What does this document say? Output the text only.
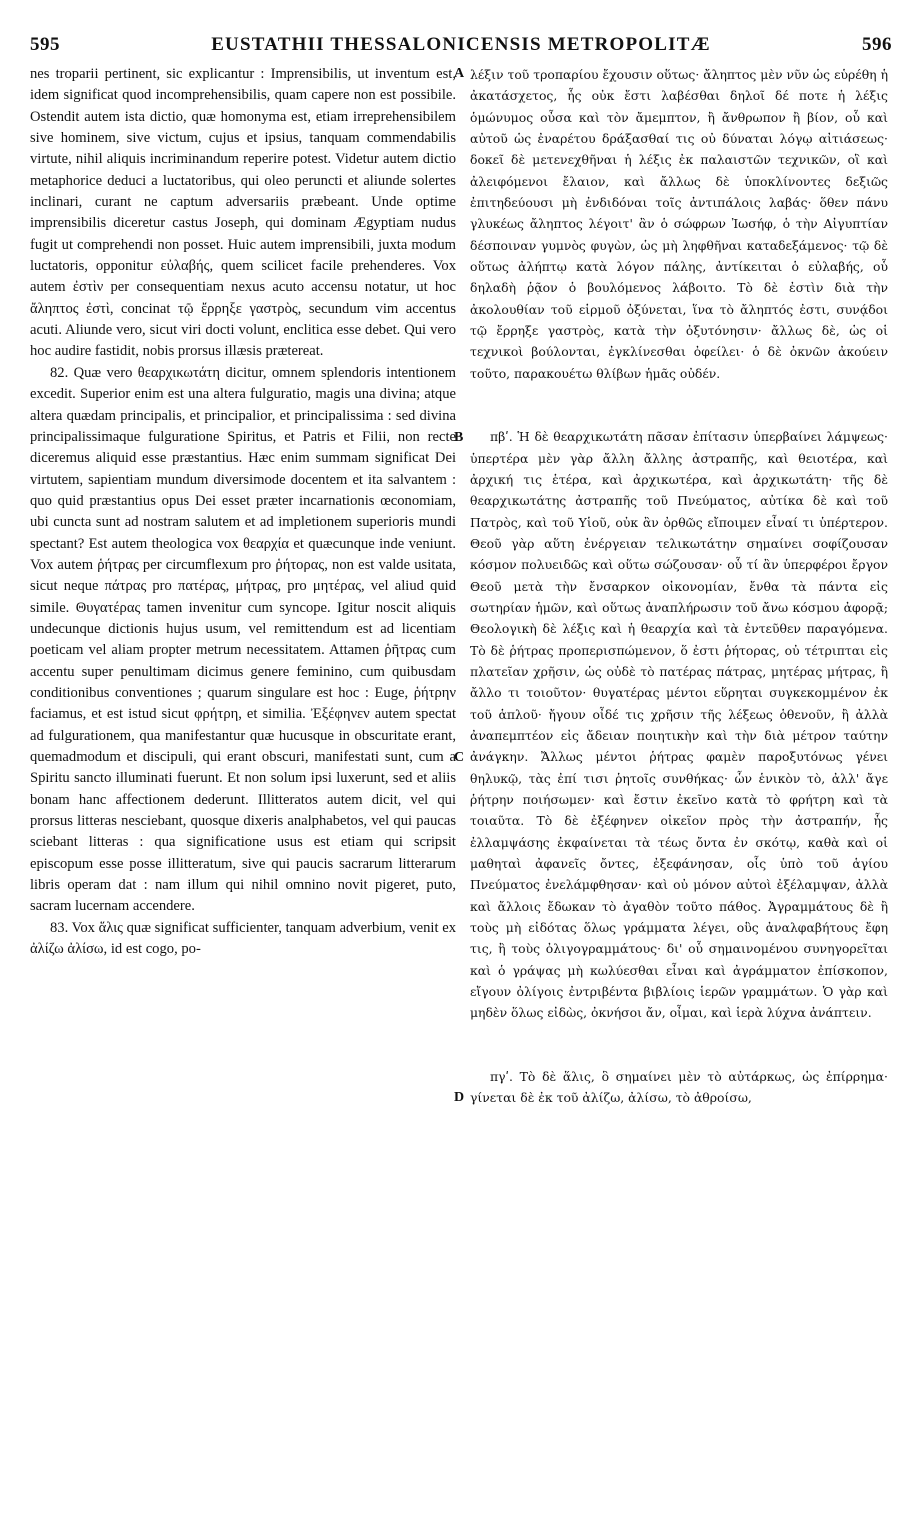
595	EUSTATHII THESSALONICENSIS METROPOLITÆ	596
A
B
C
D

nes troparii pertinent, sic explicantur : Imprensibilis, ut inventum est, idem significat quod incomprehensibilis, quam capere non est possibile. Ostendit autem ista dictio, quæ homonyma est, etiam irreprehensibilem sive hominem, sive victum, cujus et ipsius, tanquam commendabilis virtute, nihil aliquis incriminandum reperire potest. Videtur autem dictio metaphorice deduci a luctatoribus, qui oleo peruncti et aliunde solertes inclinari, curant ne captum adversariis præbeant. Unde optime imprensibilis diceretur castus Joseph, qui dominam Ægyptiam nudus fugit ut comprehendi non posset. Huic autem imprensibili, juxta modum luctatoris, opponitur εὐλαβής, quem scilicet facile prehenderes. Vox autem ἐστὶν per consequentiam nexus acuto accensu notatur, ut hoc ἄληπτος ἐστὶ, concinat τῷ ἔρρηξε γαστρὸς, secundum vim accentus acuti. Aliunde vero, sicut viri docti volunt, enclitica esse debet. Qui vero hoc audire fastidit, nobis prorsus illæsis prætereat.

82. Quæ vero θεαρχικωτάτη dicitur, omnem splendoris intentionem excedit. Superior enim est una altera fulguratio, magis una divina; atque altera quædam principalis, et principalior, et principalissima : sed divina principalissimaque fulgurationе Spiritus, et Patris et Filii, non recte diceremus aliquid esse præstantius. Hæc enim summam significat Dei virtutem, sapientiam mundum diversimode docentem et ita salvantem : quo quid præstantius opus Dei esset præter incarnationis œconomiam, ubi cuncta sunt ad nostram salutem et ad impletionem superioris mundi spectant? Est autem theologica vox θεαρχία et quæcunque inde veniunt. Vox autem ῥήτρας per circumflexum pro ῥήτορας, non est valde usitata, sicut neque πάτρας pro πατέρας, μήτρας, pro μητέρας, vel aliud quid simile. Θυγατέρας tamen invenitur cum syncope. Igitur noscit aliquis undecunque dictionis hujus usum, vel remittendum est ad licentiam poeticam vel aliam propter metrum necessitatem. Attamen ῥῆτρας cum accentu super penultimam dicimus genere feminino, cum quibusdam conditionibus conventiones ; quarum singulare est hoc : Euge, ῥήτρην faciamus, et est istud sicut φρήτρη, et similia. Ἐξέφηνεν autem spectat ad fulgurationem, qua manifestantur quæ hucusque in obscuritate erant, quemadmodum et discipuli, qui erant obscuri, manifestati sunt, cum a Spiritu sancto illuminati fuerunt. Et non solum ipsi luxerunt, sed et aliis bonam hanc affectionem dederunt. Illitteratos autem dicit, vel qui prorsus litteras nesciebant, quosque dixeris analphabetos, vel qui paucas sciebant litteras : qua significatione usus est etiam qui scripsit episcopum esse posse illitteratum, sive qui paucis sacrarum litterarum libris operam dat : nam illum qui nihil omnino novit pigeret, puto, sacram lucernam accendere.

83. Vox ἅλις quæ significat sufficienter, tanquam adverbium, venit ex ἀλίζω ἀλίσω, id est cogo, po-

λέξιν τοῦ τροπαρίου ἔχουσιν οὕτως· ἄληπτος μὲν νῦν ὡς εὑρέθη ἡ ἀκατάσχετος, ἧς οὐκ ἔστι λαβέσθαι δηλοῖ δέ ποτε ἡ λέξις ὁμώνυμος οὖσα καὶ τὸν ἄμεμπτον, ἢ ἄνθρωπον ἢ βίον, οὗ καὶ αὐτοῦ ὡς ἐναρέτου δράξασθαί τις οὐ δύναται λόγῳ αἰτιάσεως· δοκεῖ δὲ μετενεχθῆναι ἡ λέξις ἐκ παλαιστῶν τεχνικῶν, οἳ καὶ ἀλειφόμενοι ἔλαιον, καὶ ἄλλως δὲ ὑποκλίνοντες δεξιῶς ἐπιτηδεύουσι μὴ ἐνδιδόναι τοῖς ἀντιπάλοις λαβάς· ὅθεν πάνυ γλυκέως ἄληπτος λέγοιτ' ἂν ὁ σώφρων Ἰωσήφ, ὁ τὴν Αἰγυπτίαν δέσποιναν γυμνὸς φυγὼν, ὡς μὴ ληφθῆναι καταδεξάμενος· τῷ δὲ οὕτως ἀλήπτῳ κατὰ λόγον πάλης, ἀντίκειται ὁ εὐλαβής, οὗ δηλαδὴ ῥᾷον ὁ βουλόμενος λάβοιτο. Τὸ δὲ ἐστὶν διὰ τὴν ἀκολουθίαν τοῦ εἱρμοῦ ὀξύνεται, ἵνα τὸ ἄληπτός ἐστι, συνᾴδοι τῷ ἔρρηξε γαστρὸς, κατὰ τὴν ὀξυτόνησιν· ἄλλως δὲ, ὡς οἱ τεχνικοὶ βούλονται, ἐγκλίνεσθαι ὀφείλει· ὁ δὲ ὀκνῶν ἀκούειν τοῦτο, παρακουέτω θλίβων ἡμᾶς οὐδέν.

πβʹ. Ἡ δὲ θεαρχικωτάτη πᾶσαν ἐπίτασιν ὑπερβαίνει λάμψεως· ὑπερτέρα μὲν γὰρ ἄλλη ἄλλης ἀστραπῆς, καὶ θειοτέρα, καὶ ἀρχική τις ἑτέρα, καὶ ἀρχικωτέρα, καὶ ἀρχικωτάτη· τῆς δὲ θεαρχικωτάτης ἀστραπῆς τοῦ Πνεύματος, αὐτίκα δὲ καὶ τοῦ Πατρὸς, καὶ τοῦ Υἱοῦ, οὐκ ἂν ὀρθῶς εἴποιμεν εἶναί τι ὑπέρτερον. Θεοῦ γὰρ αὕτη ἐνέργειαν τελικωτάτην σημαίνει σοφίζουσαν κόσμον πολυειδῶς καὶ οὕτω σώζουσαν· οὗ τί ἂν ὑπερφέροι ἔργον Θεοῦ μετὰ τὴν ἔνσαρκον οἰκονομίαν, ἔνθα τὰ πάντα εἰς σωτηρίαν ἡμῶν, καὶ οὕτως ἀναπλήρωσιν τοῦ ἄνω κόσμου ἀφορᾷ; Θεολογικὴ δὲ λέξις καὶ ἡ θεαρχία καὶ τὰ ἐντεῦθεν παραγόμενα. Τὸ δὲ ῥήτρας προπερισπώμενον, ὅ ἐστι ῥήτορας, οὐ τέτριπται εἰς πλατεῖαν χρῆσιν, ὡς οὐδὲ τὸ πατέρας πάτρας, μητέρας μήτρας, ἢ ἄλλο τι τοιοῦτον· θυγατέρας μέντοι εὕρηται συγκεκομμένον ἐκ τοῦ ἁπλοῦ· ἤγουν οἶδέ τις χρῆσιν τῆς λέξεως ὁθενοῦν, ἢ ἀλλὰ ἀναπεμπτέον εἰς ἄδειαν ποιητικὴν καὶ τὴν διὰ μέτρον ταύτην ἀνάγκην. Ἄλλως μέντοι ῥήτρας φαμὲν παροξυτόνως γένει θηλυκῷ, τὰς ἐπί τισι ῥητοῖς συνθήκας· ὧν ἑνικὸν τὸ, ἀλλ' ἄγε ῥήτρην ποιήσωμεν· καὶ ἔστιν ἐκεῖνο κατὰ τὸ φρήτρη καὶ τὰ τοιαῦτα. Τὸ δὲ ἐξέφηνεν οἰκεῖον πρὸς τὴν ἀστραπήν, ἧς ἐλλαμψάσης ἐκφαίνεται τὰ τέως ὄντα ἐν σκότῳ, καθὰ καὶ οἱ μαθηταὶ ἀφανεῖς ὄντες, ἐξεφάνησαν, οἷς ὑπὸ τοῦ ἁγίου Πνεύματος ἐνελάμφθησαν· καὶ οὐ μόνον αὐτοὶ ἐξέλαμψαν, ἀλλὰ καὶ ἄλλοις ἔδωκαν τὸ ἀγαθὸν τοῦτο πάθος. Ἀγραμμάτους δὲ ἢ τοὺς μὴ εἰδότας ὅλως γράμματα λέγει, οὓς ἀναλφαβήτους ἔφη τις, ἢ τοὺς ὀλιγογραμμάτους· δι' οὗ σημαινομένου συνηγορεῖται καὶ ὁ γράψας μὴ κωλύεσθαι εἶναι καὶ ἀγράμματον ἐπίσκοπον, εἴγουν ὀλίγοις ἐντριβέντα βιβλίοις ἱερῶν γραμμάτων. Ὁ γὰρ καὶ μηδὲν ὅλως εἰδὼς, ὀκνήσοι ἄν, οἶμαι, καὶ ἱερὰ λύχνα ἀνάπτειν.

πγʹ. Τὸ δὲ ἅλις, ὃ σημαίνει μὲν τὸ αὐτάρκως, ὡς ἐπίρρημα· γίνεται δὲ ἐκ τοῦ ἀλίζω, ἀλίσω, τὸ ἀθροίσω,
